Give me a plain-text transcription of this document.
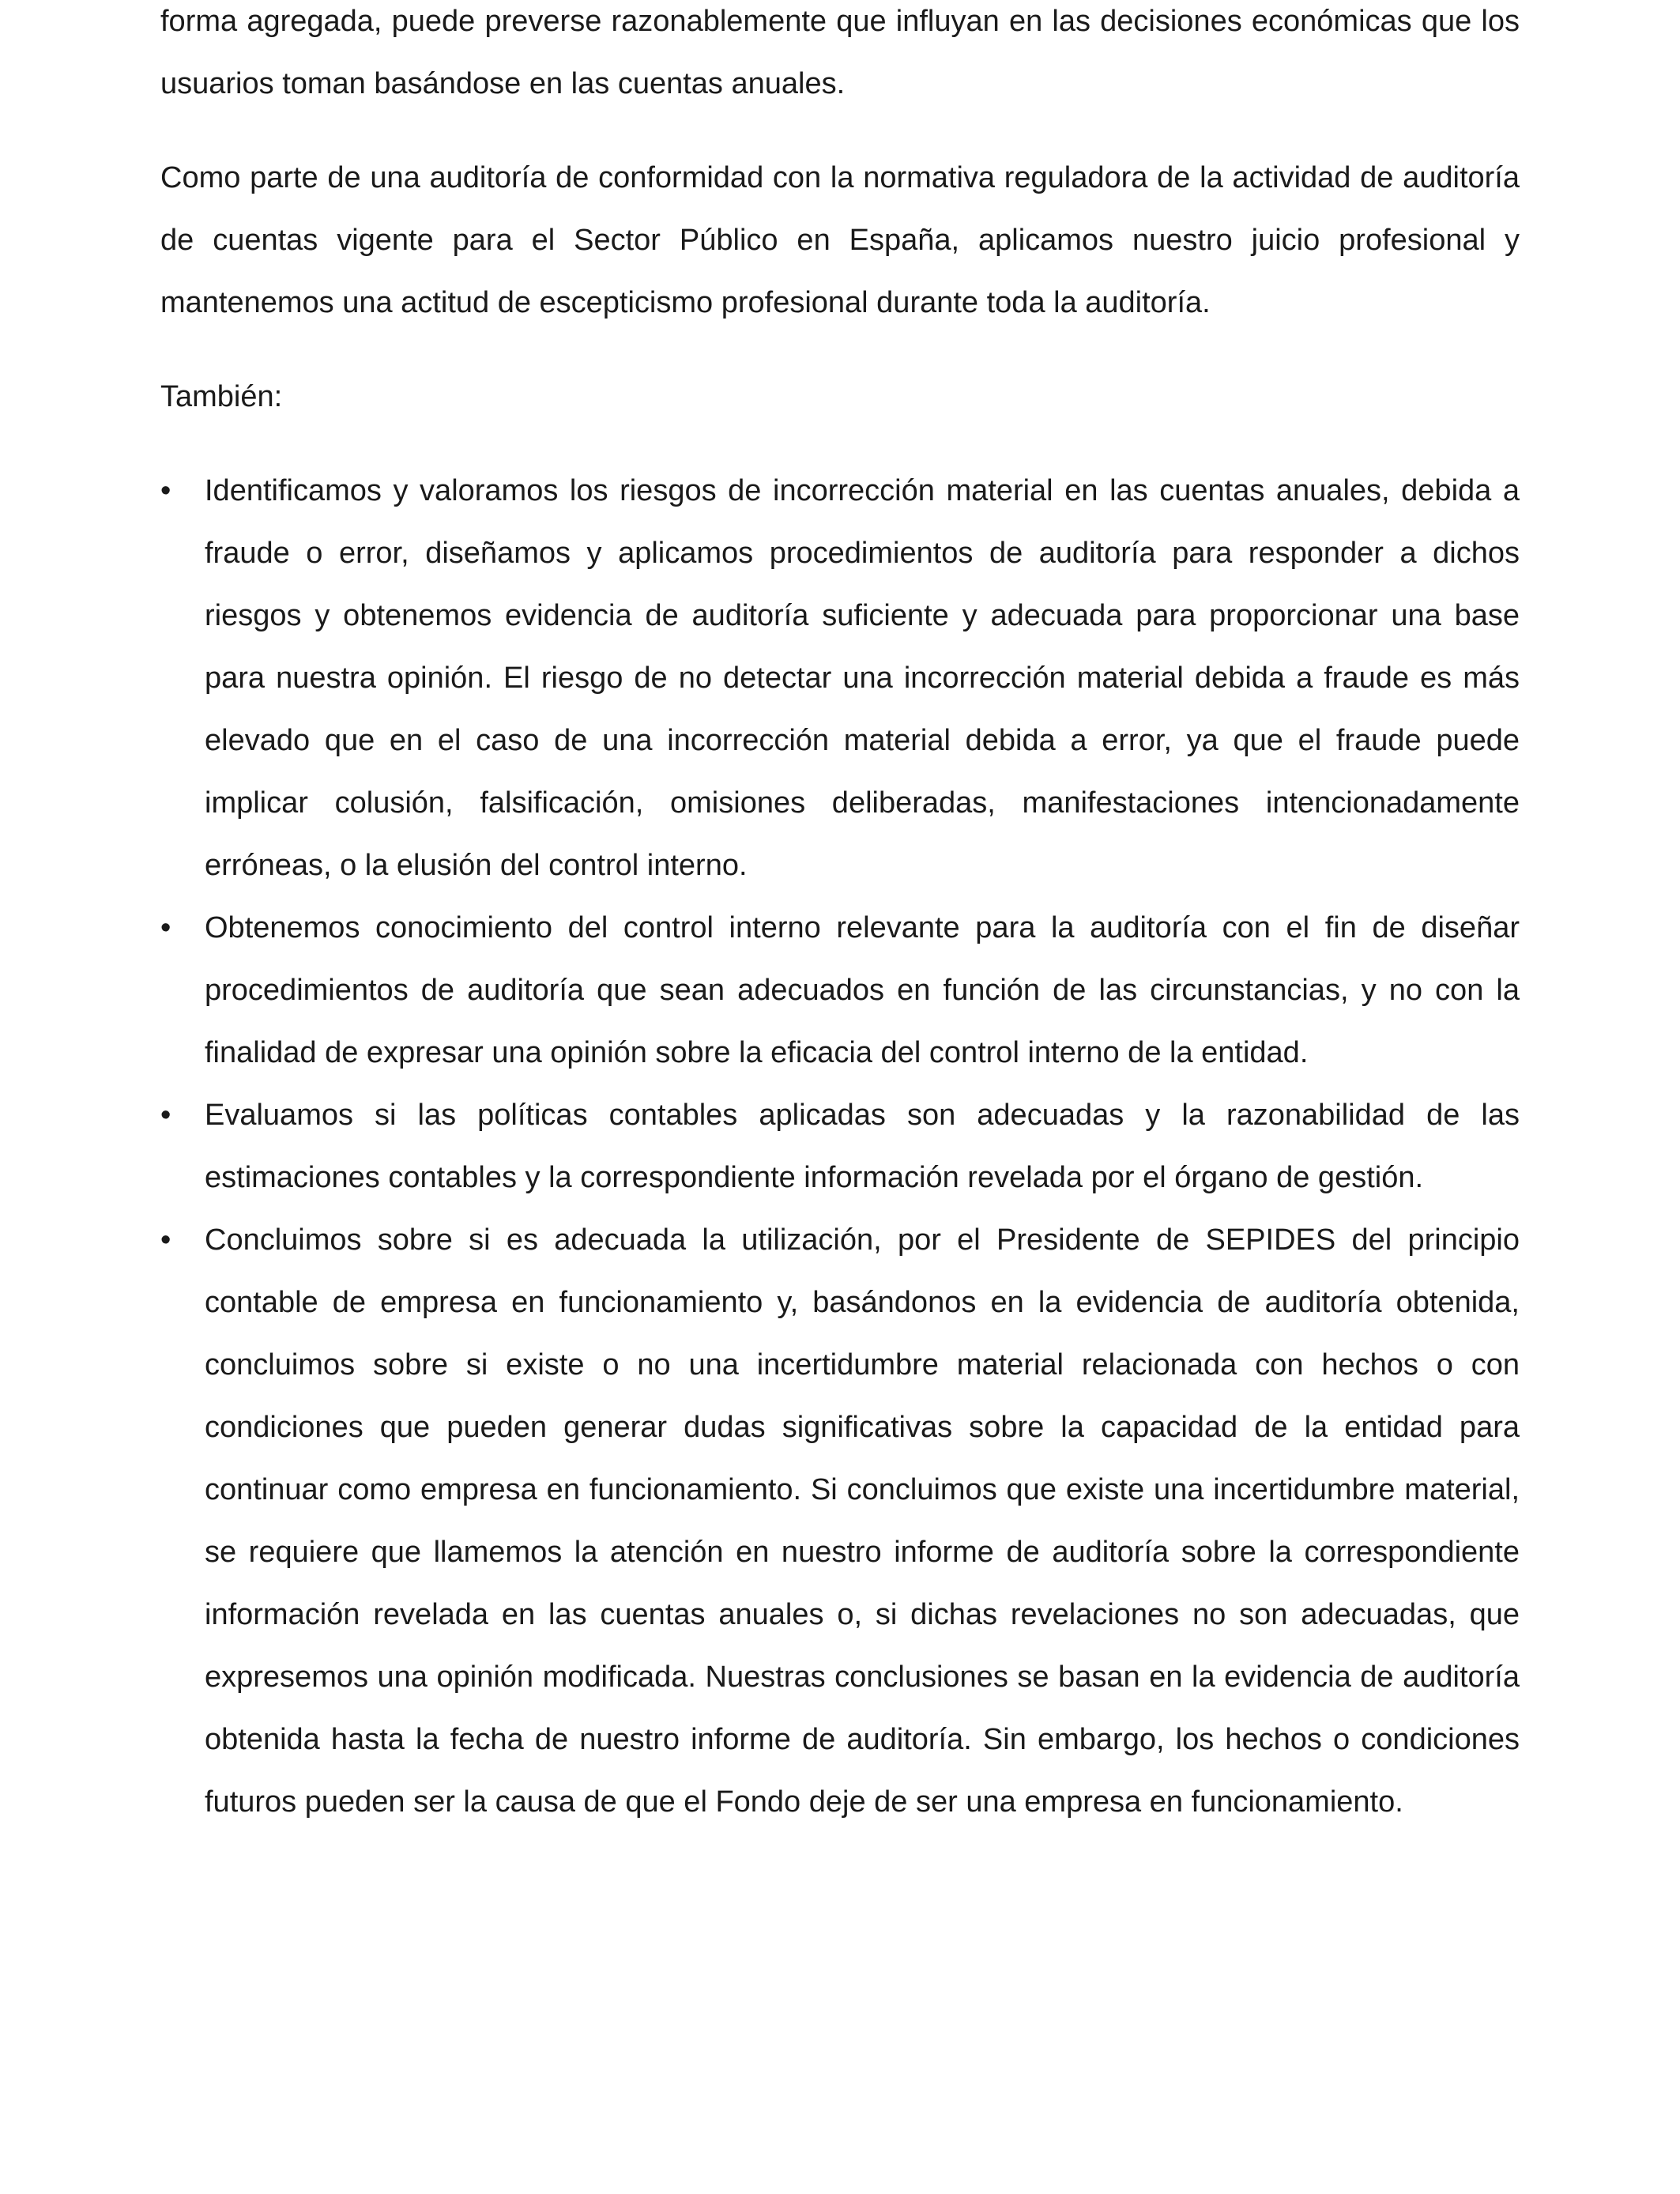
forma agregada, puede preverse razonablemente que influyan en las decisiones económicas que los usuarios toman basándose en las cuentas anuales.

Como parte de una auditoría de conformidad con la normativa reguladora de la actividad de auditoría de cuentas vigente para el Sector Público en España, aplicamos nuestro juicio profesional y mantenemos una actitud de escepticismo profesional durante toda la auditoría.

También:

• Identificamos y valoramos los riesgos de incorrección material en las cuentas anuales, debida a fraude o error, diseñamos y aplicamos procedimientos de auditoría para responder a dichos riesgos y obtenemos evidencia de auditoría suficiente y adecuada para proporcionar una base para nuestra opinión. El riesgo de no detectar una incorrección material debida a fraude es más elevado que en el caso de una incorrección material debida a error, ya que el fraude puede implicar colusión, falsificación, omisiones deliberadas, manifestaciones intencionadamente erróneas, o la elusión del control interno.
• Obtenemos conocimiento del control interno relevante para la auditoría con el fin de diseñar procedimientos de auditoría que sean adecuados en función de las circunstancias, y no con la finalidad de expresar una opinión sobre la eficacia del control interno de la entidad.
• Evaluamos si las políticas contables aplicadas son adecuadas y la razonabilidad de las estimaciones contables y la correspondiente información revelada por el órgano de gestión.
• Concluimos sobre si es adecuada la utilización, por el Presidente de SEPIDES del principio contable de empresa en funcionamiento y, basándonos en la evidencia de auditoría obtenida, concluimos sobre si existe o no una incertidumbre material relacionada con hechos o con condiciones que pueden generar dudas significativas sobre la capacidad de la entidad para continuar como empresa en funcionamiento. Si concluimos que existe una incertidumbre material, se requiere que llamemos la atención en nuestro informe de auditoría sobre la correspondiente información revelada en las cuentas anuales o, si dichas revelaciones no son adecuadas, que expresemos una opinión modificada. Nuestras conclusiones se basan en la evidencia de auditoría obtenida hasta la fecha de nuestro informe de auditoría. Sin embargo, los hechos o condiciones futuros pueden ser la causa de que el Fondo deje de ser una empresa en funcionamiento.
